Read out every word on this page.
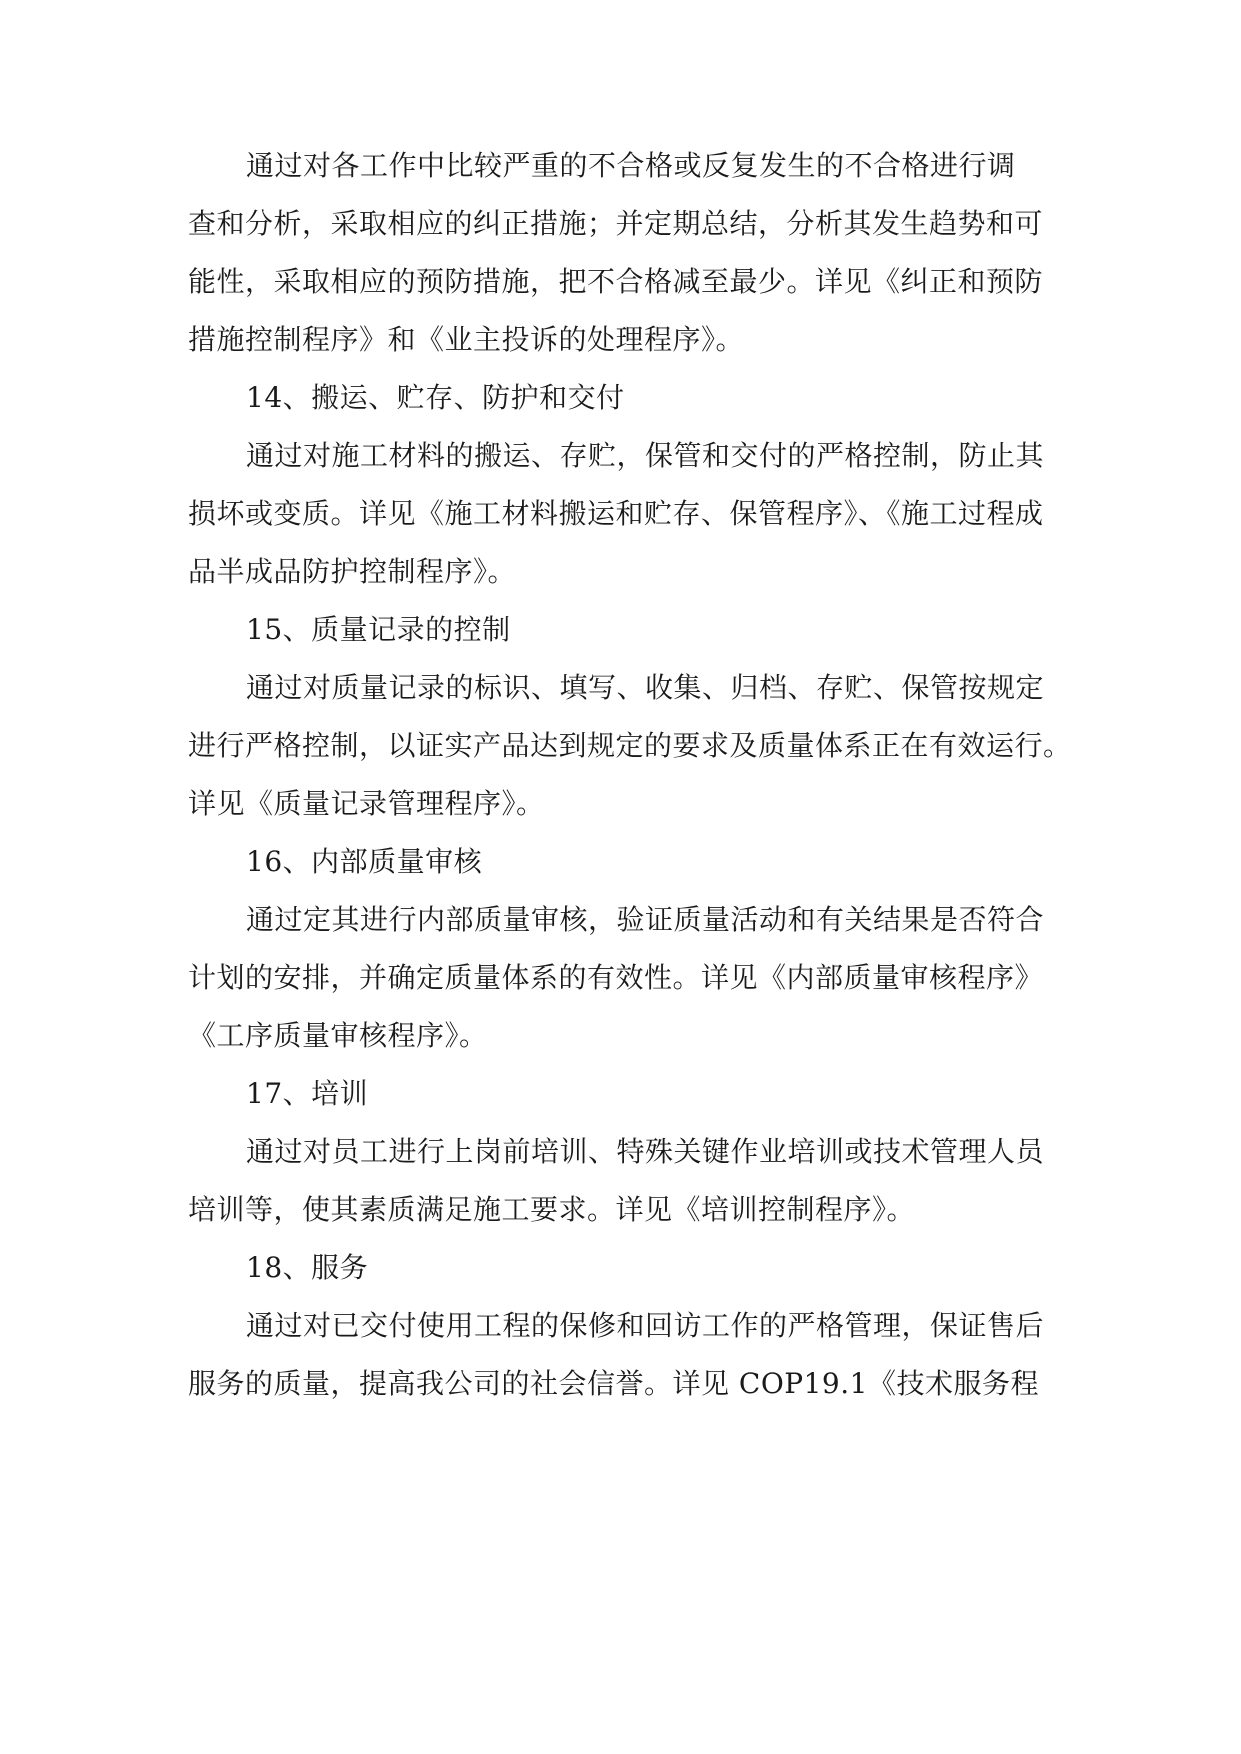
通过对各工作中比较严重的不合格或反复发生的不合格进行调
查和分析，采取相应的纠正措施；并定期总结，分析其发生趋势和可
能性，采取相应的预防措施，把不合格减至最少。详见《纠正和预防
措施控制程序》和《业主投诉的处理程序》。
14、搬运、贮存、防护和交付
通过对施工材料的搬运、存贮，保管和交付的严格控制，防止其
损坏或变质。详见《施工材料搬运和贮存、保管程序》、《施工过程成
品半成品防护控制程序》。
15、质量记录的控制
通过对质量记录的标识、填写、收集、归档、存贮、保管按规定
进行严格控制，以证实产品达到规定的要求及质量体系正在有效运行。
详见《质量记录管理程序》。
16、内部质量审核
通过定其进行内部质量审核，验证质量活动和有关结果是否符合
计划的安排，并确定质量体系的有效性。详见《内部质量审核程序》
《工序质量审核程序》。
17、培训
通过对员工进行上岗前培训、特殊关键作业培训或技术管理人员
培训等，使其素质满足施工要求。详见《培训控制程序》。
18、服务
通过对已交付使用工程的保修和回访工作的严格管理，保证售后
服务的质量，提高我公司的社会信誉。详见 COP19.1《技术服务程
